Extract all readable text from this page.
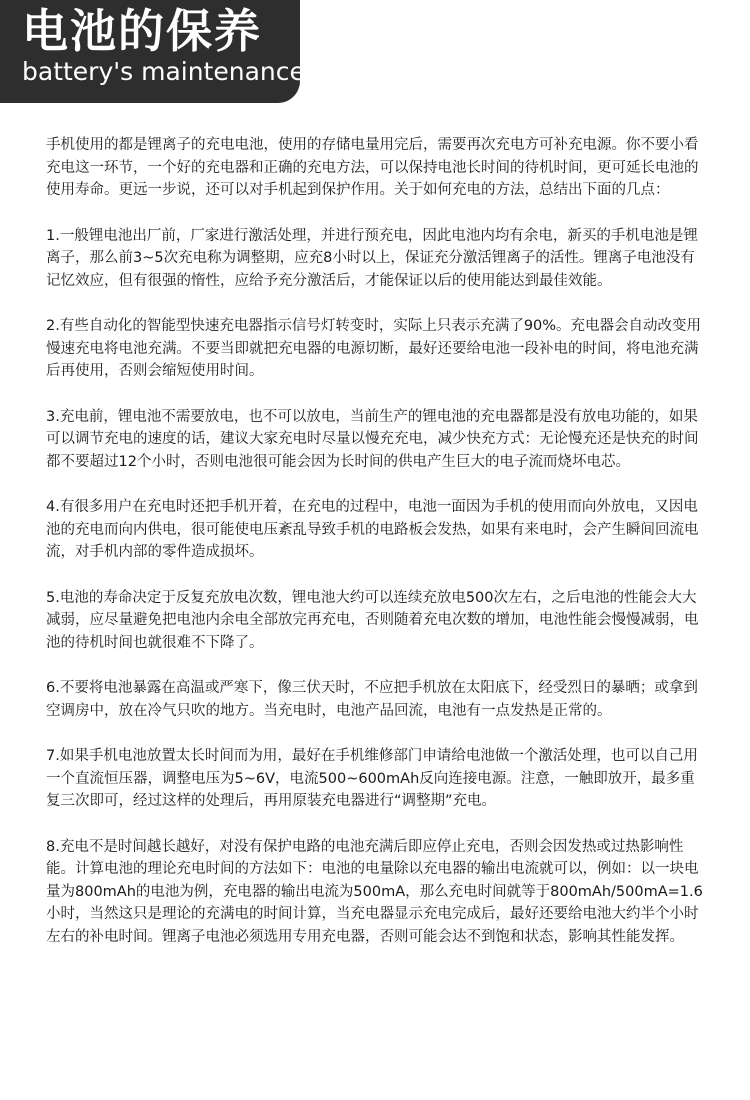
电池的保养
battery's maintenance

手机使用的都是锂离子的充电电池，使用的存储电量用完后，需要再次充电方可补充电源。你不要小看充电这一环节，一个好的充电器和正确的充电方法，可以保持电池长时间的待机时间，更可延长电池的使用寿命。更远一步说，还可以对手机起到保护作用。关于如何充电的方法，总结出下面的几点：

1.一般锂电池出厂前，厂家进行激活处理，并进行预充电，因此电池内均有余电，新买的手机电池是锂离子，那么前3~5次充电称为调整期，应充8小时以上，保证充分激活锂离子的活性。锂离子电池没有记忆效应，但有很强的惰性，应给予充分激活后，才能保证以后的使用能达到最佳效能。

2.有些自动化的智能型快速充电器指示信号灯转变时，实际上只表示充满了90%。充电器会自动改变用慢速充电将电池充满。不要当即就把充电器的电源切断，最好还要给电池一段补电的时间，将电池充满后再使用，否则会缩短使用时间。

3.充电前，锂电池不需要放电，也不可以放电，当前生产的锂电池的充电器都是没有放电功能的，如果可以调节充电的速度的话，建议大家充电时尽量以慢充充电，减少快充方式：无论慢充还是快充的时间都不要超过12个小时，否则电池很可能会因为长时间的供电产生巨大的电子流而烧坏电芯。

4.有很多用户在充电时还把手机开着，在充电的过程中，电池一面因为手机的使用而向外放电，又因电池的充电而向内供电，很可能使电压紊乱导致手机的电路板会发热，如果有来电时，会产生瞬间回流电流，对手机内部的零件造成损坏。

5.电池的寿命决定于反复充放电次数，锂电池大约可以连续充放电500次左右，之后电池的性能会大大减弱，应尽量避免把电池内余电全部放完再充电，否则随着充电次数的增加，电池性能会慢慢减弱，电池的待机时间也就很难不下降了。

6.不要将电池暴露在高温或严寒下，像三伏天时，不应把手机放在太阳底下，经受烈日的暴晒；或拿到空调房中，放在冷气只吹的地方。当充电时，电池产品回流，电池有一点发热是正常的。

7.如果手机电池放置太长时间而为用，最好在手机维修部门申请给电池做一个激活处理，也可以自己用一个直流恒压器，调整电压为5~6V，电流500~600mAh反向连接电源。注意，一触即放开，最多重复三次即可，经过这样的处理后，再用原装充电器进行“调整期”充电。

8.充电不是时间越长越好，对没有保护电路的电池充满后即应停止充电，否则会因发热或过热影响性能。计算电池的理论充电时间的方法如下：电池的电量除以充电器的输出电流就可以，例如：以一块电量为800mAh的电池为例，充电器的输出电流为500mA，那么充电时间就等于800mAh/500mA=1.6小时，当然这只是理论的充满电的时间计算，当充电器显示充电完成后，最好还要给电池大约半个小时左右的补电时间。锂离子电池必须选用专用充电器，否则可能会达不到饱和状态，影响其性能发挥。
